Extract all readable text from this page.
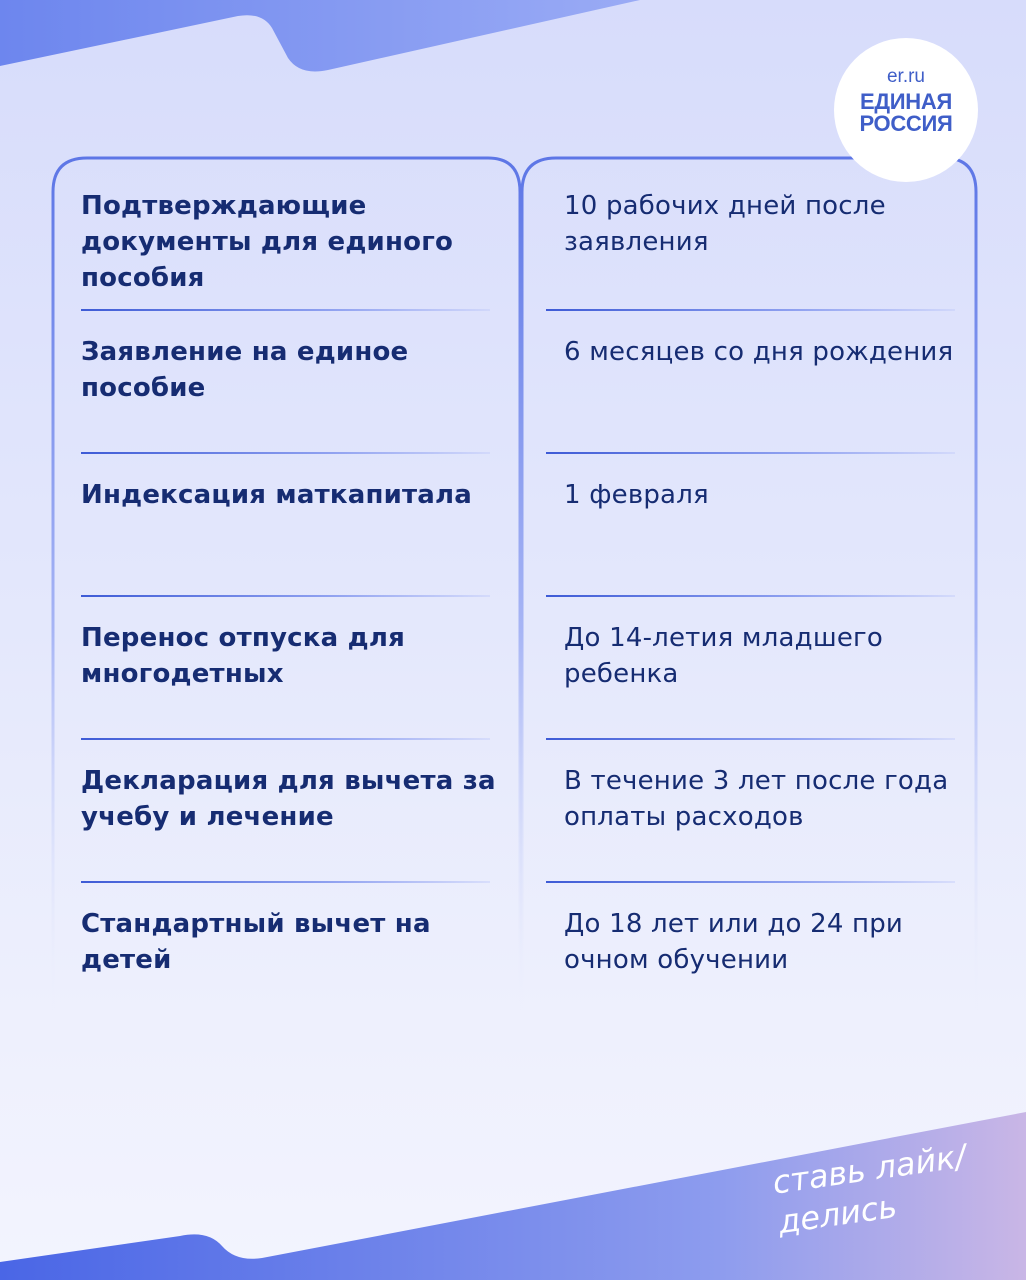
er.ru
ЕДИНАЯ
РОССИЯ
Подтверждающие документы для единого пособия
10 рабочих дней после заявления
Заявление на единое пособие
6 месяцев со дня рождения
Индексация маткапитала	1 февраля
Перенос отпуска для многодетных
До 14-летия младшего ребенка
Декларация для вычета за учебу и лечение
В течение 3 лет после года оплаты расходов
Стандартный вычет на детей
До 18 лет или до 24 при очном обучении
ставь лайк/
делись
